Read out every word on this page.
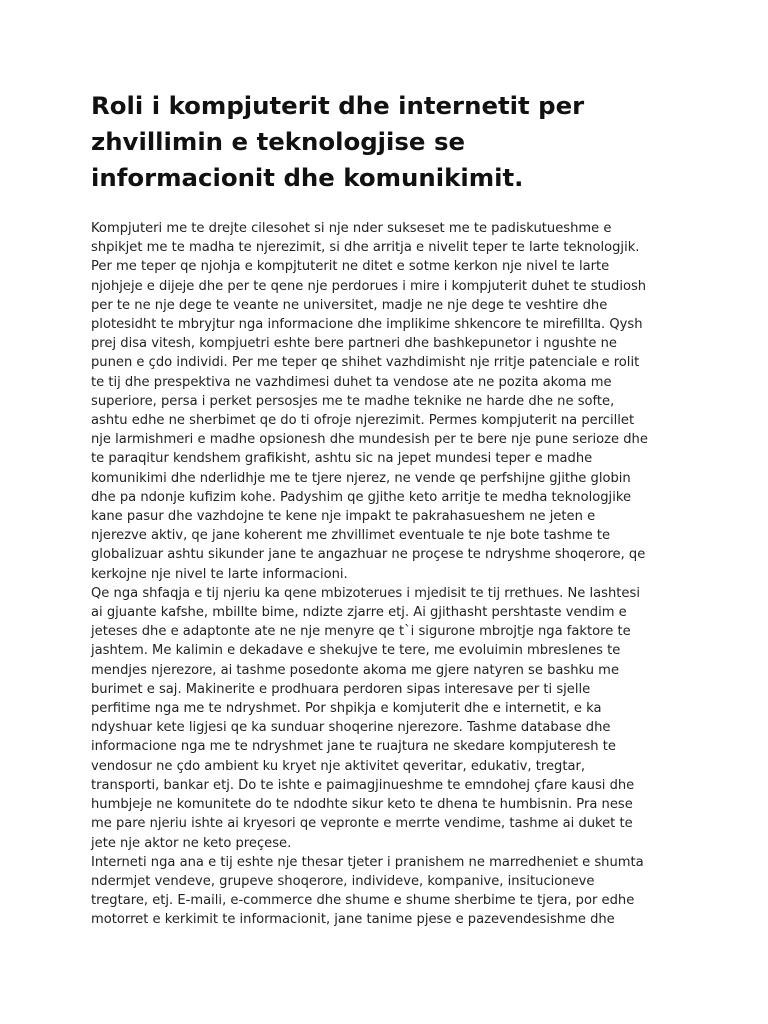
Roli i kompjuterit dhe internetit per
zhvillimin e teknologjise se
informacionit dhe komunikimit.
Kompjuteri me te drejte cilesohet si nje nder sukseset me te padiskutueshme e
shpikjet me te madha te njerezimit, si dhe arritja e nivelit teper te larte teknologjik.
Per me teper qe njohja e kompjtuterit ne ditet e sotme kerkon nje nivel te larte
njohjeje e dijeje dhe per te qene nje perdorues i mire i kompjuterit duhet te studiosh
per te ne nje dege te veante ne universitet, madje ne nje dege te veshtire dhe
plotesidht te mbryjtur nga informacione dhe implikime shkencore te mirefillta. Qysh
prej disa vitesh, kompjuetri eshte bere partneri dhe bashkepunetor i ngushte ne
punen e çdo individi. Per me teper qe shihet vazhdimisht nje rritje patenciale e rolit
te tij dhe prespektiva ne vazhdimesi duhet ta vendose ate ne pozita akoma me
superiore, persa i perket persosjes me te madhe teknike ne harde dhe ne softe,
ashtu edhe ne sherbimet qe do ti ofroje njerezimit. Permes kompjuterit na percillet
nje larmishmeri e madhe opsionesh dhe mundesish per te bere nje pune serioze dhe
te paraqitur kendshem grafikisht, ashtu sic na jepet mundesi teper e madhe
komunikimi dhe nderlidhje me te tjere njerez, ne vende qe perfshijne gjithe globin
dhe pa ndonje kufizim kohe. Padyshim qe gjithe keto arritje te medha teknologjike
kane pasur dhe vazhdojne te kene nje impakt te pakrahasueshem ne jeten e
njerezve aktiv, qe jane koherent me zhvillimet eventuale te nje bote tashme te
globalizuar ashtu sikunder jane te angazhuar ne proçese te ndryshme shoqerore, qe
kerkojne nje nivel te larte informacioni.
Qe nga shfaqja e tij njeriu ka qene mbizoterues i mjedisit te tij rrethues. Ne lashtesi
ai gjuante kafshe, mbillte bime, ndizte zjarre etj. Ai gjithasht pershtaste vendim e
jeteses dhe e adaptonte ate ne nje menyre qe t`i sigurone mbrojtje nga faktore te
jashtem. Me kalimin e dekadave e shekujve te tere, me evoluimin mbreslenes te
mendjes njerezore, ai tashme posedonte akoma me gjere natyren se bashku me
burimet e saj. Makinerite e prodhuara perdoren sipas interesave per ti sjelle
perfitime nga me te ndryshmet. Por shpikja e komjuterit dhe e internetit, e ka
ndyshuar kete ligjesi qe ka sunduar shoqerine njerezore. Tashme database dhe
informacione nga me te ndryshmet jane te ruajtura ne skedare kompjuteresh te
vendosur ne çdo ambient ku kryet nje aktivitet qeveritar, edukativ, tregtar,
transporti, bankar etj. Do te ishte e paimagjinueshme te emndohej çfare kausi dhe
humbjeje ne komunitete do te ndodhte sikur keto te dhena te humbisnin. Pra nese
me pare njeriu ishte ai kryesori qe vepronte e merrte vendime, tashme ai duket te
jete nje aktor ne keto preçese.
Interneti nga ana e tij eshte nje thesar tjeter i pranishem ne marredheniet e shumta
ndermjet vendeve, grupeve shoqerore, individeve, kompanive, insitucioneve
tregtare, etj. E-maili, e-commerce dhe shume e shume sherbime te tjera, por edhe
motorret e kerkimit te informacionit, jane tanime pjese e pazevendesishme dhe
